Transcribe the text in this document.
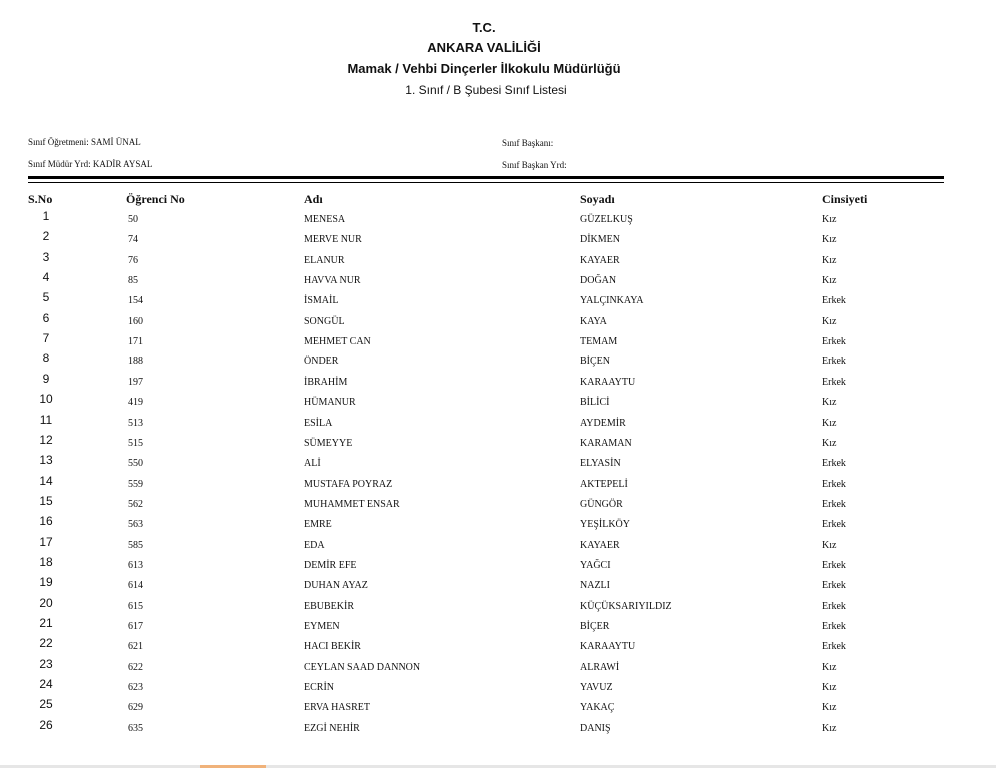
T.C.
ANKARA VALİLİĞİ
Mamak / Vehbi Dinçerler İlkokulu Müdürlüğü
1. Sınıf / B Şubesi Sınıf Listesi
Sınıf Öğretmeni: SAMİ ÜNAL
Sınıf Müdür Yrd: KADİR AYSAL
Sınıf Başkanı:
Sınıf Başkan Yrd:
S.No	Öğrenci No	Adı	Soyadı	Cinsiyeti
1	50	MENESA	GÜZELKUŞ	Kız
2	74	MERVE NUR	DİKMEN	Kız
3	76	ELANUR	KAYAER	Kız
4	85	HAVVA NUR	DOĞAN	Kız
5	154	İSMAİL	YALÇINKAYA	Erkek
6	160	SONGÜL	KAYA	Kız
7	171	MEHMET CAN	TEMAM	Erkek
8	188	ÖNDER	BİÇEN	Erkek
9	197	İBRAHİM	KARAAYTU	Erkek
10	419	HÜMANUR	BİLİCİ	Kız
11	513	ESİLA	AYDEMİR	Kız
12	515	SÜMEYYE	KARAMAN	Kız
13	550	ALİ	ELYASİN	Erkek
14	559	MUSTAFA POYRAZ	AKTEPELİ	Erkek
15	562	MUHAMMET ENSAR	GÜNGÖR	Erkek
16	563	EMRE	YEŞİLKÖY	Erkek
17	585	EDA	KAYAER	Kız
18	613	DEMİR EFE	YAĞCI	Erkek
19	614	DUHAN AYAZ	NAZLI	Erkek
20	615	EBUBEKİR	KÜÇÜKSARIYILDIZ	Erkek
21	617	EYMEN	BİÇER	Erkek
22	621	HACI BEKİR	KARAAYTU	Erkek
23	622	CEYLAN SAAD DANNON	ALRAWİ	Kız
24	623	ECRİN	YAVUZ	Kız
25	629	ERVA HASRET	YAKAÇ	Kız
26	635	EZGİ NEHİR	DANIŞ	Kız
